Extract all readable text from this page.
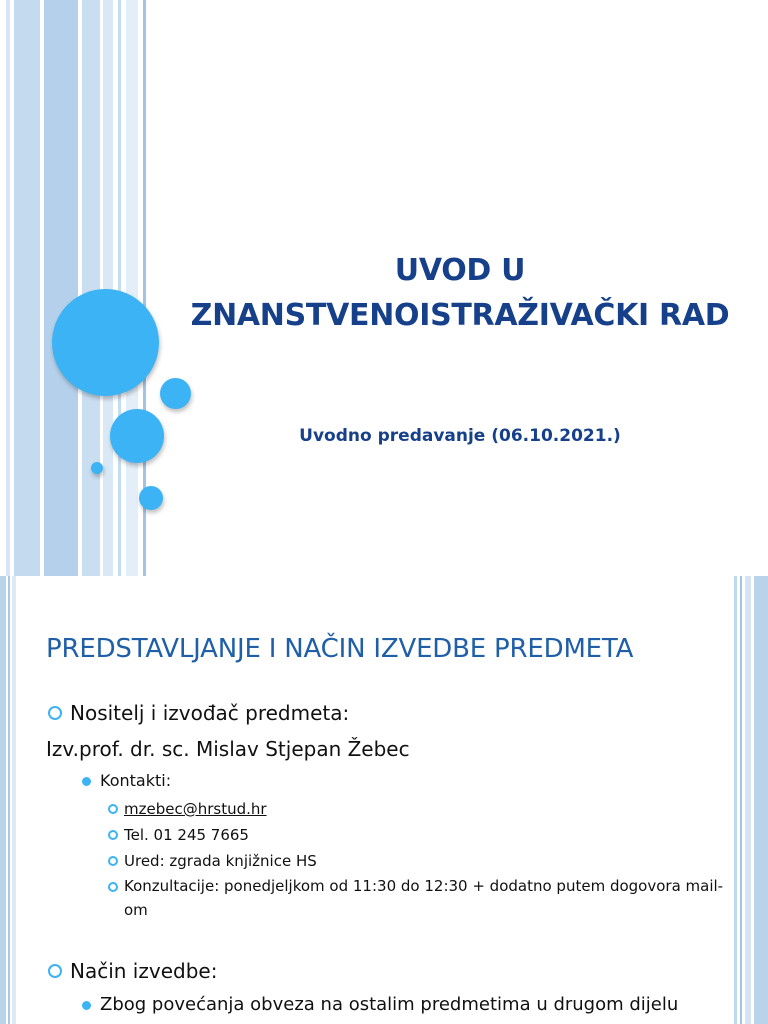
UVOD U
ZNANSTVENOISTRAŽIVAČKI RAD
Uvodno predavanje (06.10.2021.)
PREDSTAVLJANJE I NAČIN IZVEDBE PREDMETA
Nositelj i izvođač predmeta:
Izv.prof. dr. sc. Mislav Stjepan Žebec
Kontakti:
mzebec@hrstud.hr
Tel. 01 245 7665
Ured: zgrada knjižnice HS
Konzultacije: ponedjeljkom od 11:30 do 12:30 + dodatno putem dogovora mail-om
Način izvedbe:
Zbog povećanja obveza na ostalim predmetima u drugom dijelu
